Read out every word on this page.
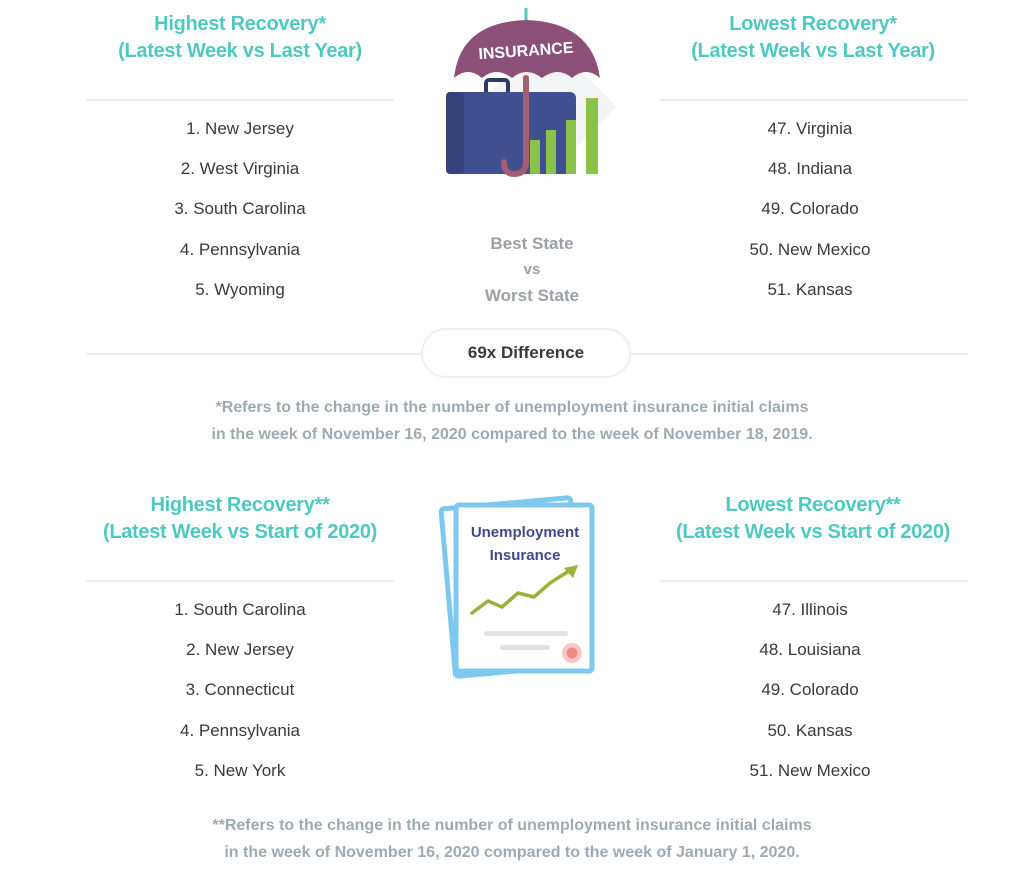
Highest Recovery*
(Latest Week vs Last Year)
Lowest Recovery*
(Latest Week vs Last Year)
1. New Jersey
2. West Virginia
3. South Carolina
4. Pennsylvania
5. Wyoming
47. Virginia
48. Indiana
49. Colorado
50. New Mexico
51. Kansas
INSURANCE
Best State
vs
Worst State
69x Difference
*Refers to the change in the number of unemployment insurance initial claims
in the week of November 16, 2020 compared to the week of November 18, 2019.
Highest Recovery**
(Latest Week vs Start of 2020)
Lowest Recovery**
(Latest Week vs Start of 2020)
1. South Carolina
2. New Jersey
3. Connecticut
4. Pennsylvania
5. New York
47. Illinois
48. Louisiana
49. Colorado
50. Kansas
51. New Mexico
Unemployment
Insurance
**Refers to the change in the number of unemployment insurance initial claims
in the week of November 16, 2020 compared to the week of January 1, 2020.
